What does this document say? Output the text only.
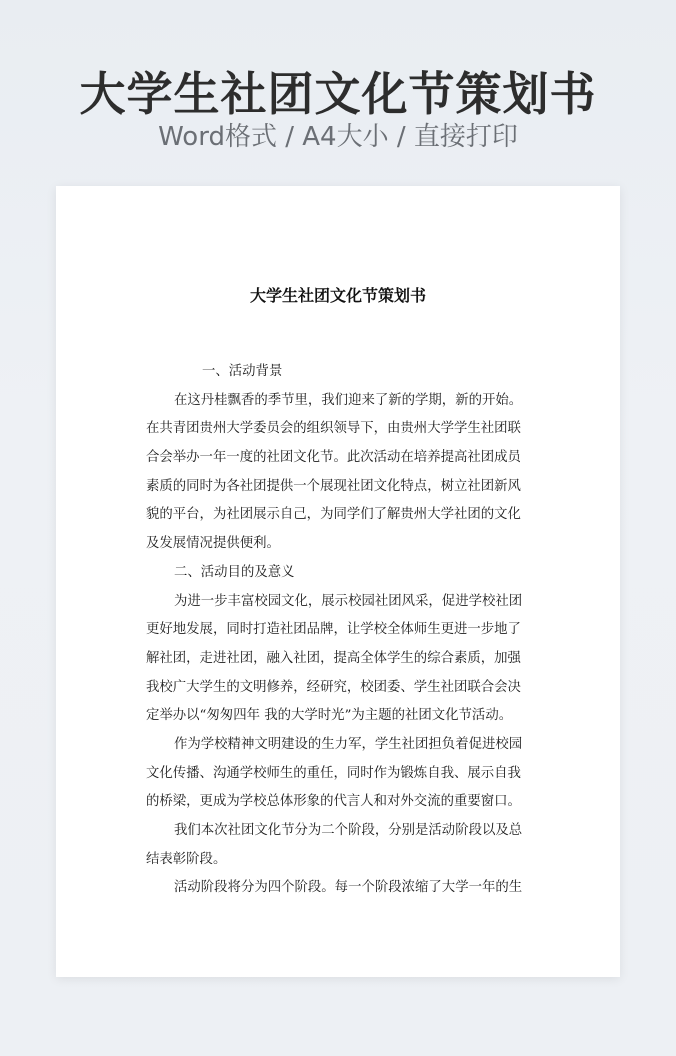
大学生社团文化节策划书
Word格式 / A4大小 / 直接打印
大学生社团文化节策划书
一、活动背景
在这丹桂飘香的季节里，我们迎来了新的学期，新的开始。
在共青团贵州大学委员会的组织领导下，由贵州大学学生社团联
合会举办一年一度的社团文化节。此次活动在培养提高社团成员
素质的同时为各社团提供一个展现社团文化特点，树立社团新风
貌的平台，为社团展示自己，为同学们了解贵州大学社团的文化
及发展情况提供便利。
二、活动目的及意义
为进一步丰富校园文化，展示校园社团风采，促进学校社团
更好地发展，同时打造社团品牌，让学校全体师生更进一步地了
解社团，走进社团，融入社团，提高全体学生的综合素质，加强
我校广大学生的文明修养，经研究，校团委、学生社团联合会决
定举办以“匆匆四年 我的大学时光”为主题的社团文化节活动。
作为学校精神文明建设的生力军，学生社团担负着促进校园
文化传播、沟通学校师生的重任，同时作为锻炼自我、展示自我
的桥梁，更成为学校总体形象的代言人和对外交流的重要窗口。
我们本次社团文化节分为二个阶段，分别是活动阶段以及总
结表彰阶段。
活动阶段将分为四个阶段。每一个阶段浓缩了大学一年的生
